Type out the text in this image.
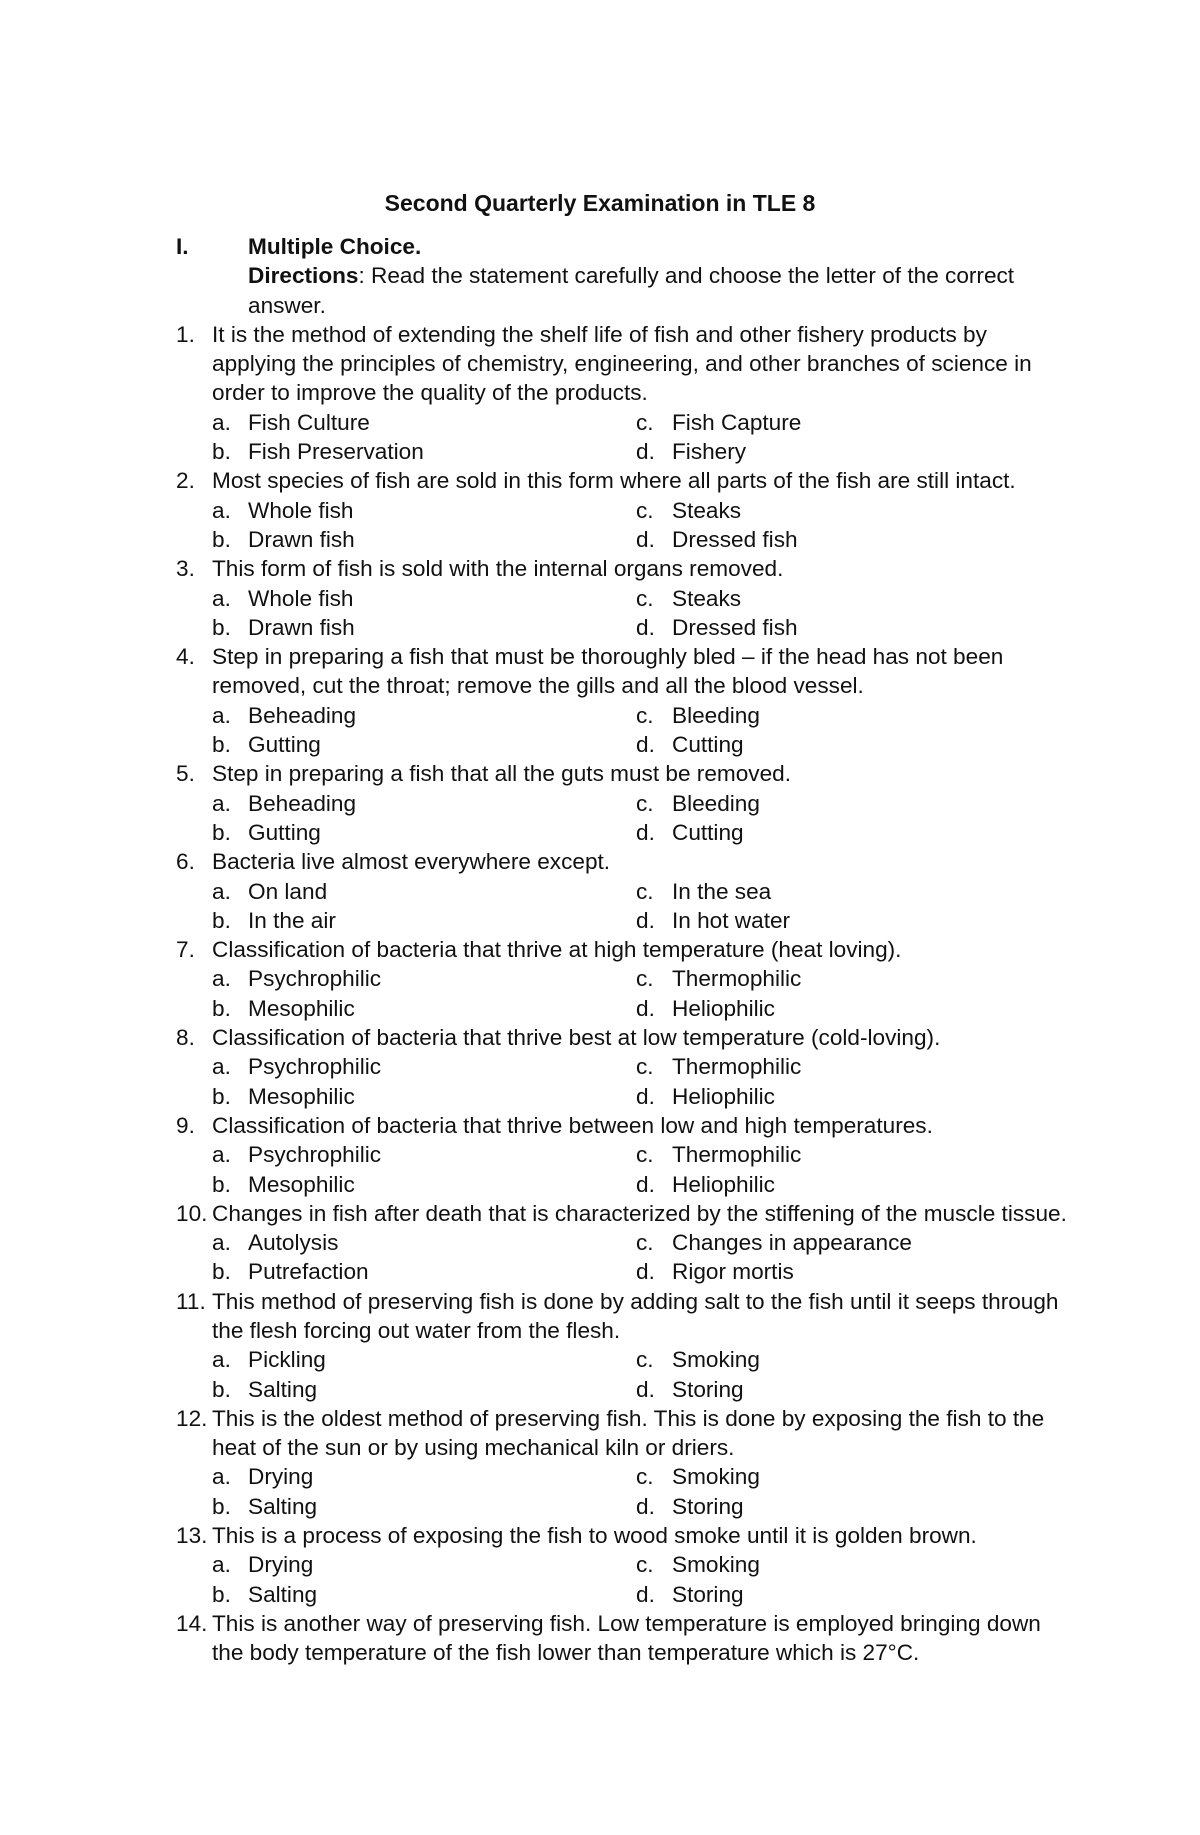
Second Quarterly Examination in TLE 8
I.	Multiple Choice.
Directions: Read the statement carefully and choose the letter of the correct answer.
1. It is the method of extending the shelf life of fish and other fishery products by applying the principles of chemistry, engineering, and other branches of science in order to improve the quality of the products.
a. Fish Culture	c. Fish Capture
b. Fish Preservation	d. Fishery
2. Most species of fish are sold in this form where all parts of the fish are still intact.
a. Whole fish	c. Steaks
b. Drawn fish	d. Dressed fish
3. This form of fish is sold with the internal organs removed.
a. Whole fish	c. Steaks
b. Drawn fish	d. Dressed fish
4. Step in preparing a fish that must be thoroughly bled – if the head has not been removed, cut the throat; remove the gills and all the blood vessel.
a. Beheading	c. Bleeding
b. Gutting	d. Cutting
5. Step in preparing a fish that all the guts must be removed.
a. Beheading	c. Bleeding
b. Gutting	d. Cutting
6. Bacteria live almost everywhere except.
a. On land	c. In the sea
b. In the air	d. In hot water
7. Classification of bacteria that thrive at high temperature (heat loving).
a. Psychrophilic	c. Thermophilic
b. Mesophilic	d. Heliophilic
8. Classification of bacteria that thrive best at low temperature (cold-loving).
a. Psychrophilic	c. Thermophilic
b. Mesophilic	d. Heliophilic
9. Classification of bacteria that thrive between low and high temperatures.
a. Psychrophilic	c. Thermophilic
b. Mesophilic	d. Heliophilic
10. Changes in fish after death that is characterized by the stiffening of the muscle tissue.
a. Autolysis	c. Changes in appearance
b. Putrefaction	d. Rigor mortis
11. This method of preserving fish is done by adding salt to the fish until it seeps through the flesh forcing out water from the flesh.
a. Pickling	c. Smoking
b. Salting	d. Storing
12. This is the oldest method of preserving fish. This is done by exposing the fish to the heat of the sun or by using mechanical kiln or driers.
a. Drying	c. Smoking
b. Salting	d. Storing
13. This is a process of exposing the fish to wood smoke until it is golden brown.
a. Drying	c. Smoking
b. Salting	d. Storing
14. This is another way of preserving fish. Low temperature is employed bringing down the body temperature of the fish lower than temperature which is 27°C.
